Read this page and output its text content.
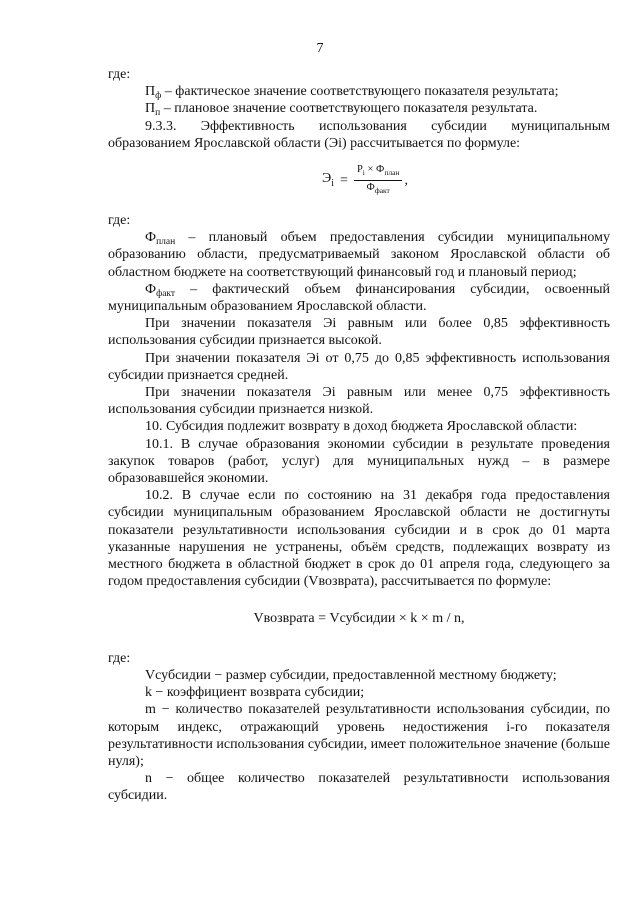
7

где:

$П_ф$ – фактическое значение соответствующего показателя результата;

$П_п$ – плановое значение соответствующего показателя результата.

9.3.3. Эффективность использования субсидии муниципальным образованием Ярославской области (Эi) рассчитывается по формуле:

$Э_i = \frac{P_i \times Ф_{план}}{Ф_{факт}}$ ,

где:

$Ф_{план}$ – плановый объем предоставления субсидии муниципальному образованию области, предусматриваемый законом Ярославской области об областном бюджете на соответствующий финансовый год и плановый период;

$Ф_{факт}$ – фактический объем финансирования субсидии, освоенный муниципальным образованием Ярославской области.

При значении показателя Эi равным или более 0,85 эффективность использования субсидии признается высокой.

При значении показателя Эi от 0,75 до 0,85 эффективность использования субсидии признается средней.

При значении показателя Эi равным или менее 0,75 эффективность использования субсидии признается низкой.

10. Субсидия подлежит возврату в доход бюджета Ярославской области:

10.1. В случае образования экономии субсидии в результате проведения закупок товаров (работ, услуг) для муниципальных нужд – в размере образовавшейся экономии.

10.2. В случае если по состоянию на 31 декабря года предоставления субсидии муниципальным образованием Ярославской области не достигнуты показатели результативности использования субсидии и в срок до 01 марта указанные нарушения не устранены, объём средств, подлежащих возврату из местного бюджета в областной бюджет в срок до 01 апреля года, следующего за годом предоставления субсидии (Vвозврата), рассчитывается по формуле:

Vвозврата = Vсубсидии × k × m / n,

где:

Vсубсидии − размер субсидии, предоставленной местному бюджету;

k − коэффициент возврата субсидии;

m − количество показателей результативности использования субсидии, по которым индекс, отражающий уровень недостижения i-го показателя результативности использования субсидии, имеет положительное значение (больше нуля);

n − общее количество показателей результативности использования субсидии.
